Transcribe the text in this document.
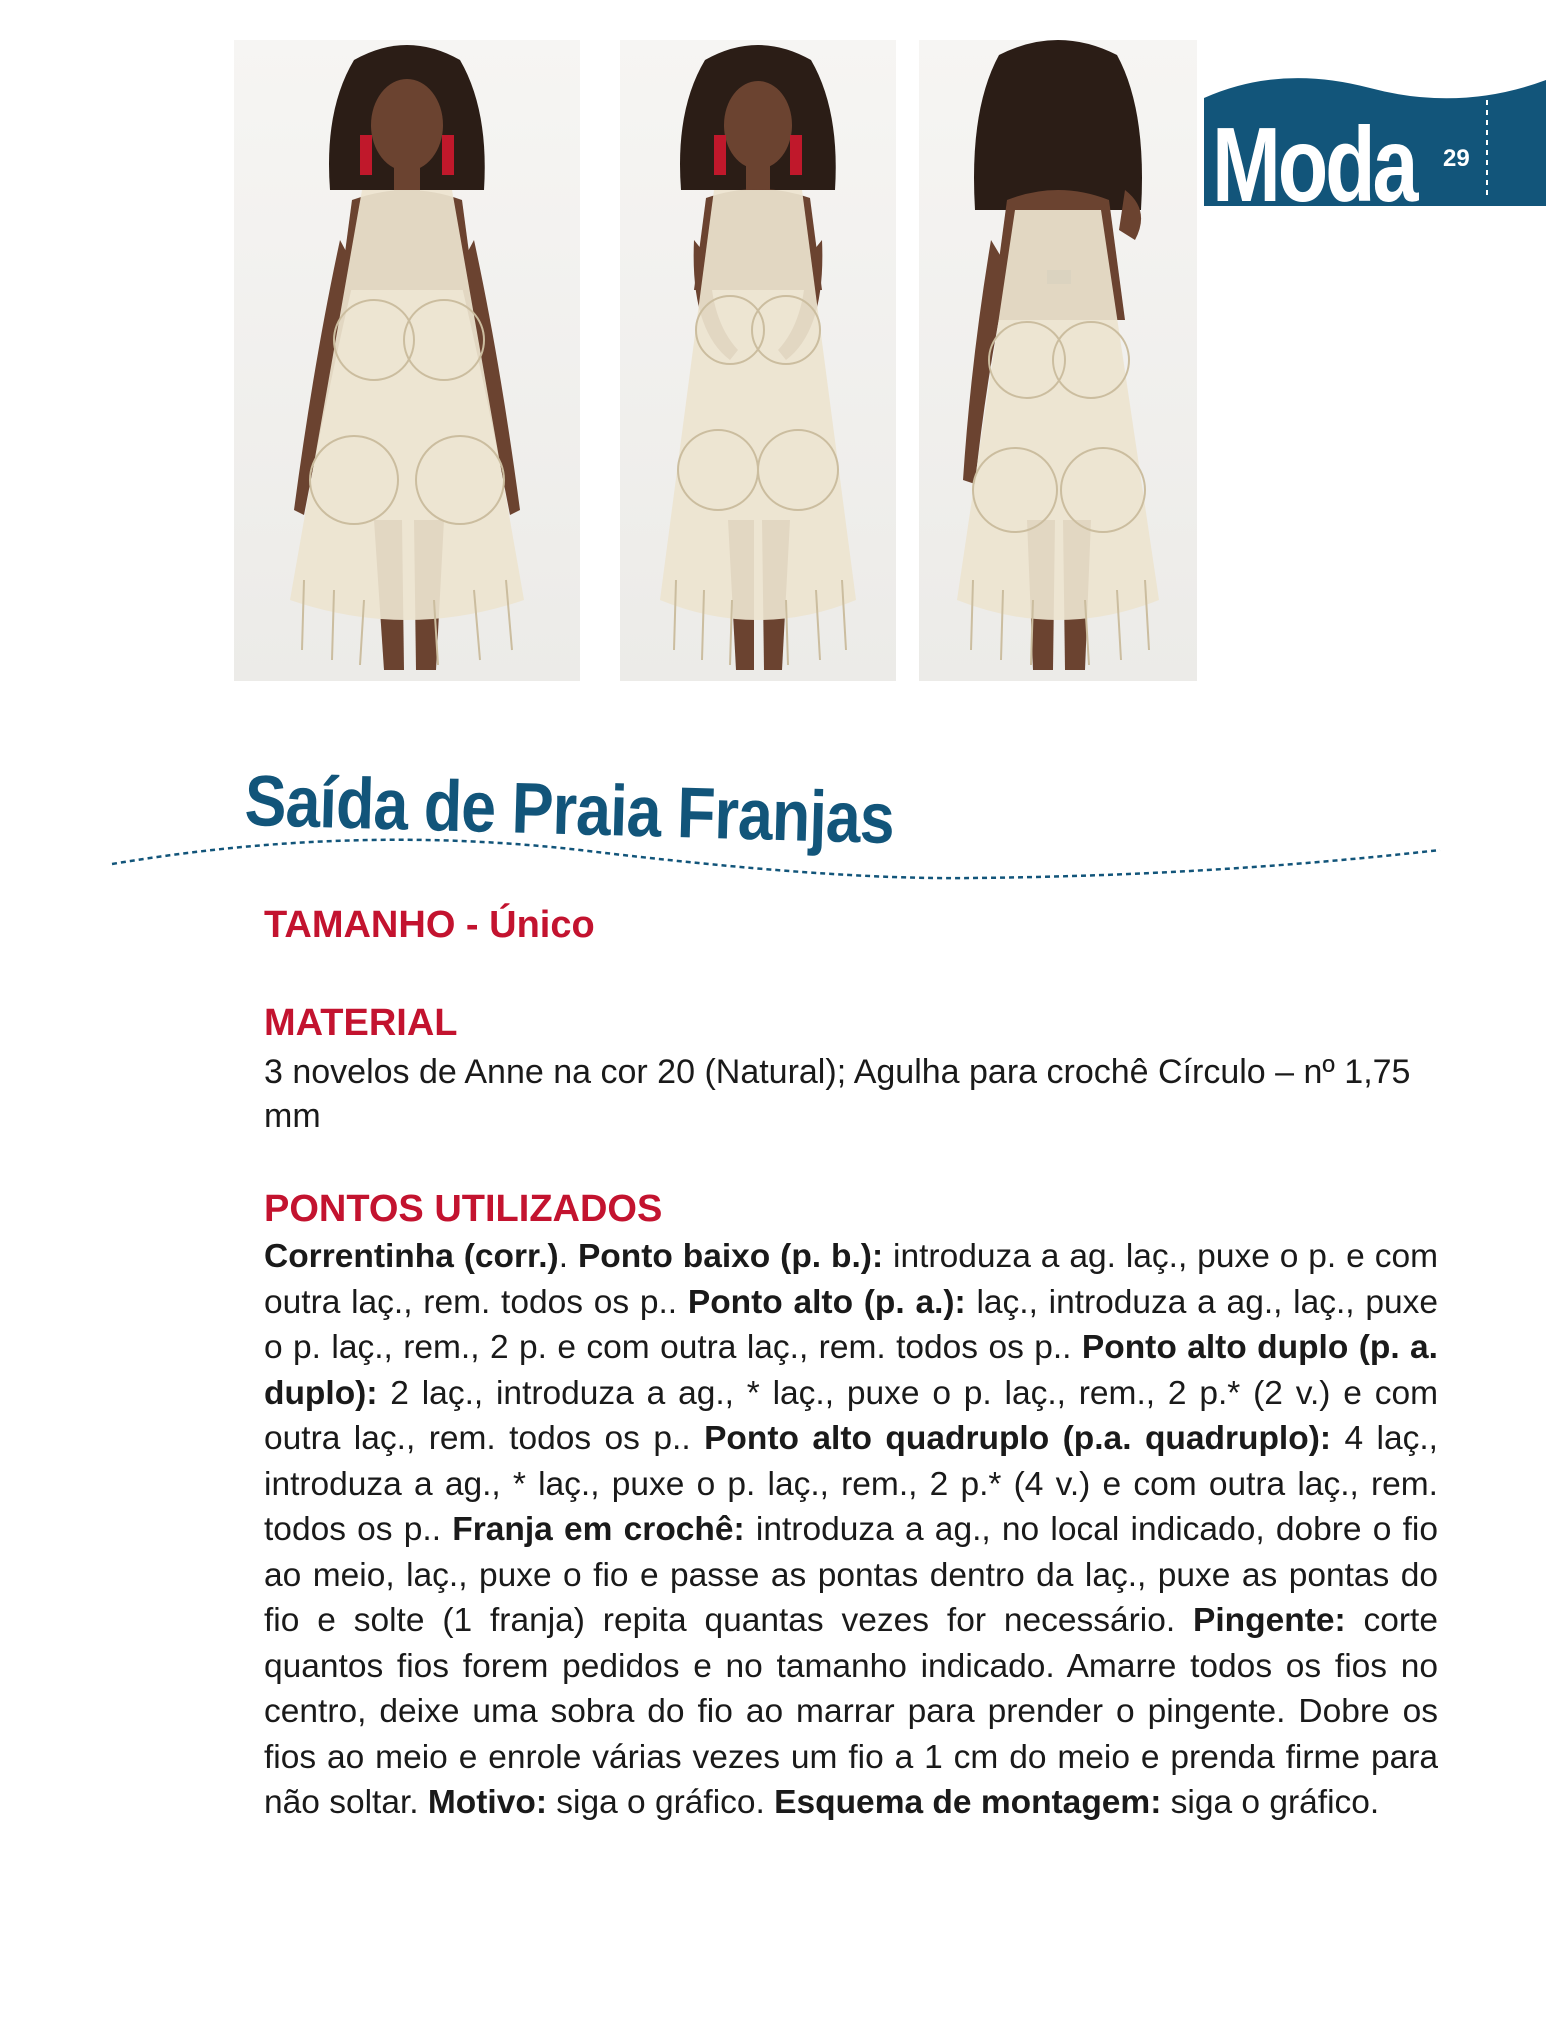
Moda 29
Saída de Praia Franjas
TAMANHO - Único
MATERIAL

3 novelos de Anne na cor 20 (Natural); Agulha para crochê Círculo – nº 1,75 mm

PONTOS UTILIZADOS

Correntinha (corr.). Ponto baixo (p. b.): introduza a ag. laç., puxe o p. e com outra laç., rem. todos os p.. Ponto alto (p. a.): laç., introduza a ag., laç., puxe o p. laç., rem., 2 p. e com outra laç., rem. todos os p.. Ponto alto duplo (p. a. duplo): 2 laç., introduza a ag., * laç., puxe o p. laç., rem., 2 p.* (2 v.) e com outra laç., rem. todos os p.. Ponto alto quadruplo (p.a. quadruplo): 4 laç., introduza a ag., * laç., puxe o p. laç., rem., 2 p.* (4 v.) e com outra laç., rem. todos os p.. Franja em crochê: introduza a ag., no local indicado, dobre o fio ao meio, laç., puxe o fio e passe as pontas dentro da laç., puxe as pontas do fio e solte (1 franja) repita quantas vezes for necessário. Pingente: corte quantos fios forem pedidos e no tamanho indicado. Amarre todos os fios no centro, deixe uma sobra do fio ao marrar para prender o pingente. Dobre os fios ao meio e enrole várias vezes um fio a 1 cm do meio e prenda firme para não soltar. Motivo: siga o gráfico. Esquema de montagem: siga o gráfico.
